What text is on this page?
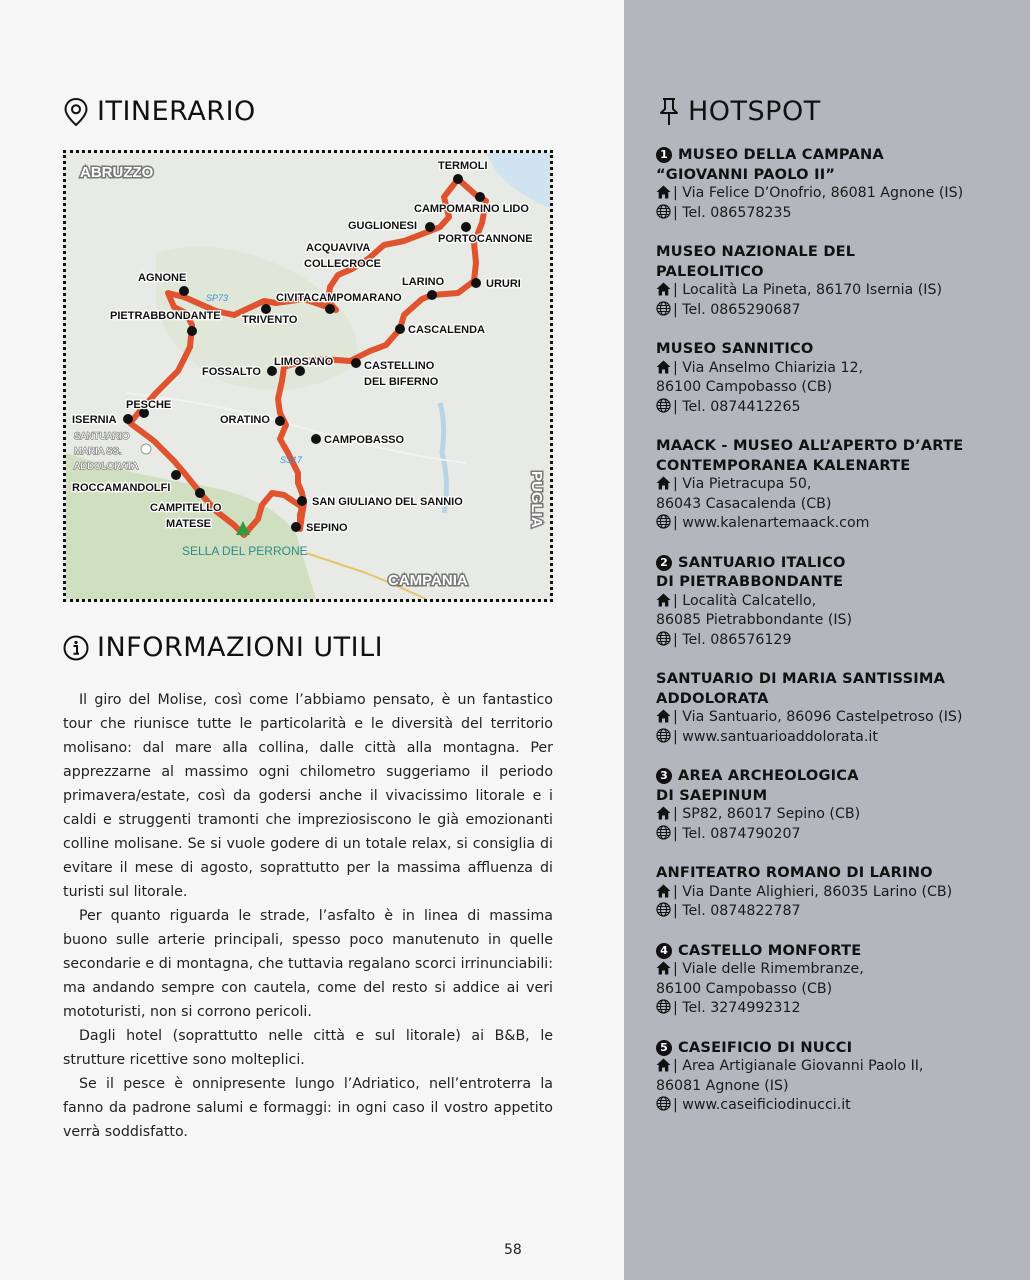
ITINERARIO
TERMOLI
CAMPOMARINO LIDO
GUGLIONESI
PORTOCANNONE
ACQUAVIVA
COLLECROCE
LARINO	URURI
AGNONE
CIVITACAMPOMARANO
TRIVENTO
PIETRABBONDANTE
CASCALENDA
FOSSALTO
LIMOSANO	CASTELLINO
DEL BIFERNO
PESCHE
ISERNIA	ORATINO
CAMPOBASSO
ROCCAMANDOLFI
CAMPITELLO
MATESE
SAN GIULIANO DEL SANNIO
SEPINO
SANTUARIO
MARIA SS.
ADDOLORATA
SELLA DEL PERRONE
SP73
SS17
ABRUZZO
CAMPANIA
PUGLIA
INFORMAZIONI UTILI

Il giro del Molise, così come l’abbiamo pensato, è un fantastico tour che riunisce tutte le particolarità e le diversità del territorio molisano: dal mare alla collina, dalle città alla montagna. Per apprezzarne al massimo ogni chilometro suggeriamo il periodo primavera/estate, così da godersi anche il vivacissimo litorale e i caldi e struggenti tramonti che impreziosiscono le già emozionanti colline molisane. Se si vuole godere di un totale relax, si consiglia di evitare il mese di agosto, soprattutto per la massima affluenza di turisti sul litorale.

Per quanto riguarda le strade, l’asfalto è in linea di massima buono sulle arterie principali, spesso poco manutenuto in quelle secondarie e di montagna, che tuttavia regalano scorci irrinunciabili: ma andando sempre con cautela, come del resto si addice ai veri mototuristi, non si corrono pericoli.

Dagli hotel (soprattutto nelle città e sul litorale) ai B&B, le strutture ricettive sono molteplici.

Se il pesce è onnipresente lungo l’Adriatico, nell’entroterra la fanno da padrone salumi e formaggi: in ogni caso il vostro appetito verrà soddisfatto.

58
HOTSPOT
1 MUSEO DELLA CAMPANA
“GIOVANNI PAOLO II”
| Via Felice D’Onofrio, 86081 Agnone (IS)
| Tel. 086578235
MUSEO NAZIONALE DEL PALEOLITICO
| Località La Pineta, 86170 Isernia (IS)
| Tel. 0865290687
MUSEO SANNITICO
| Via Anselmo Chiarizia 12,
86100 Campobasso (CB)
| Tel. 0874412265
MAACK - MUSEO ALL’APERTO D’ARTE
CONTEMPORANEA KALENARTE
| Via Pietracupa 50,
86043 Casacalenda (CB)
| www.kalenartemaack.com
2 SANTUARIO ITALICO
DI PIETRABBONDANTE
| Località Calcatello,
86085 Pietrabbondante (IS)
| Tel. 086576129
SANTUARIO DI MARIA SANTISSIMA
ADDOLORATA
| Via Santuario, 86096 Castelpetroso (IS)
| www.santuarioaddolorata.it
3 AREA ARCHEOLOGICA
DI SAEPINUM
| SP82, 86017 Sepino (CB)
| Tel. 0874790207
ANFITEATRO ROMANO DI LARINO
| Via Dante Alighieri, 86035 Larino (CB)
| Tel. 0874822787
4 CASTELLO MONFORTE
| Viale delle Rimembranze,
86100 Campobasso (CB)
| Tel. 3274992312
5 CASEIFICIO DI NUCCI
| Area Artigianale Giovanni Paolo II,
86081 Agnone (IS)
| www.caseificiodinucci.it
